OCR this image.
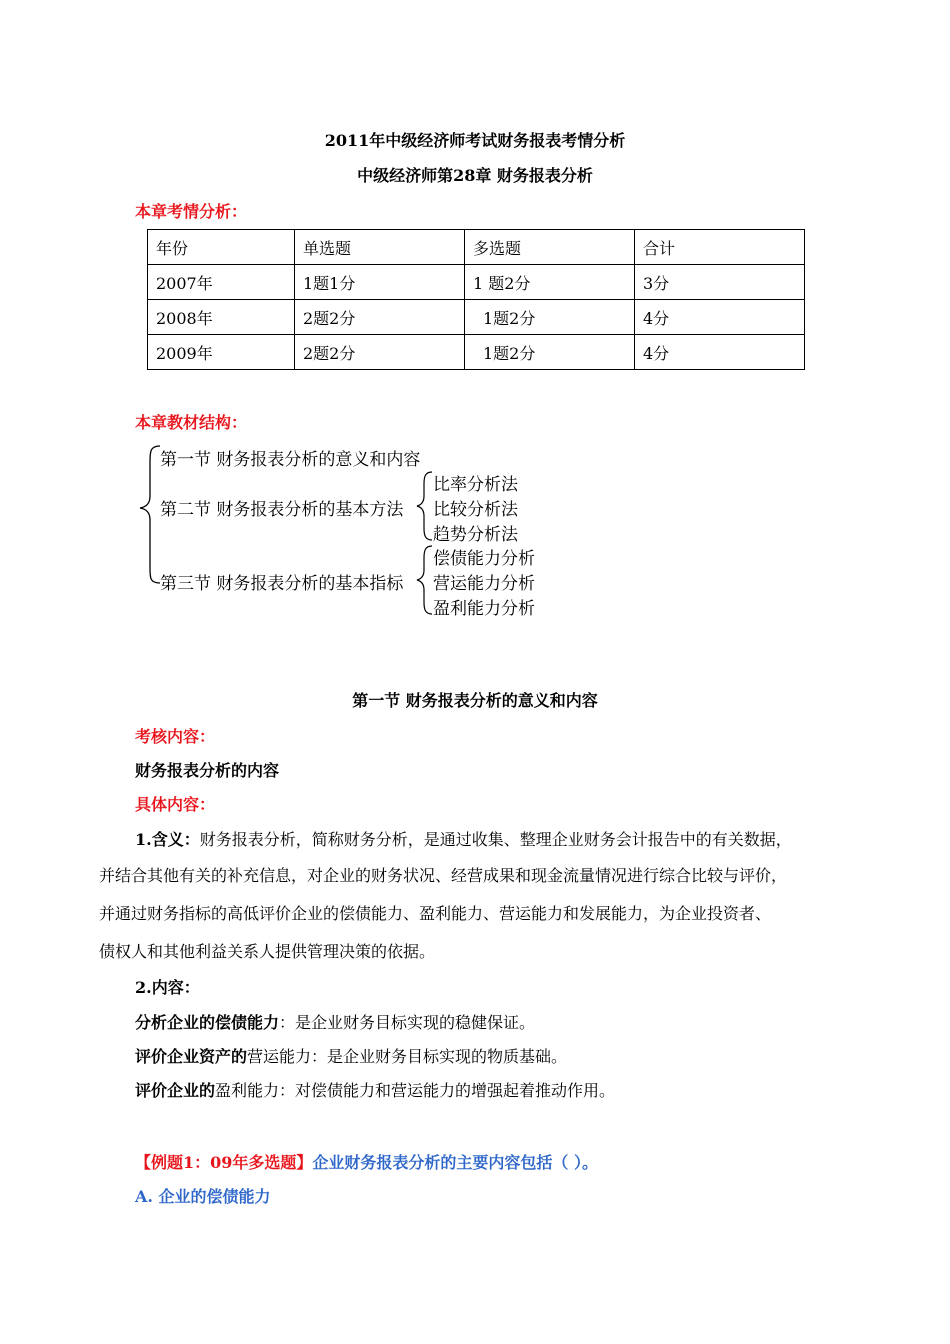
2011年中级经济师考试财务报表考情分析
中级经济师第28章 财务报表分析
本章考情分析：
年份	单选题	多选题	合计
2007年	1题1分	1 题2分	3分
2008年	2题2分	1题2分	4分
2009年	2题2分	1题2分	4分
本章教材结构：
第一节 财务报表分析的意义和内容
第二节 财务报表分析的基本方法
比率分析法
比较分析法
趋势分析法
第三节 财务报表分析的基本指标
偿债能力分析
营运能力分析
盈利能力分析
第一节 财务报表分析的意义和内容
考核内容：
财务报表分析的内容
具体内容：
1.含义：财务报表分析，简称财务分析，是通过收集、整理企业财务会计报告中的有关数据，
并结合其他有关的补充信息，对企业的财务状况、经营成果和现金流量情况进行综合比较与评价，
并通过财务指标的高低评价企业的偿债能力、盈利能力、营运能力和发展能力，为企业投资者、
债权人和其他利益关系人提供管理决策的依据。
2.内容：
分析企业的偿债能力：是企业财务目标实现的稳健保证。
评价企业资产的营运能力：是企业财务目标实现的物质基础。
评价企业的盈利能力：对偿债能力和营运能力的增强起着推动作用。
【例题1：09年多选题】企业财务报表分析的主要内容包括（ ）。
A. 企业的偿债能力
